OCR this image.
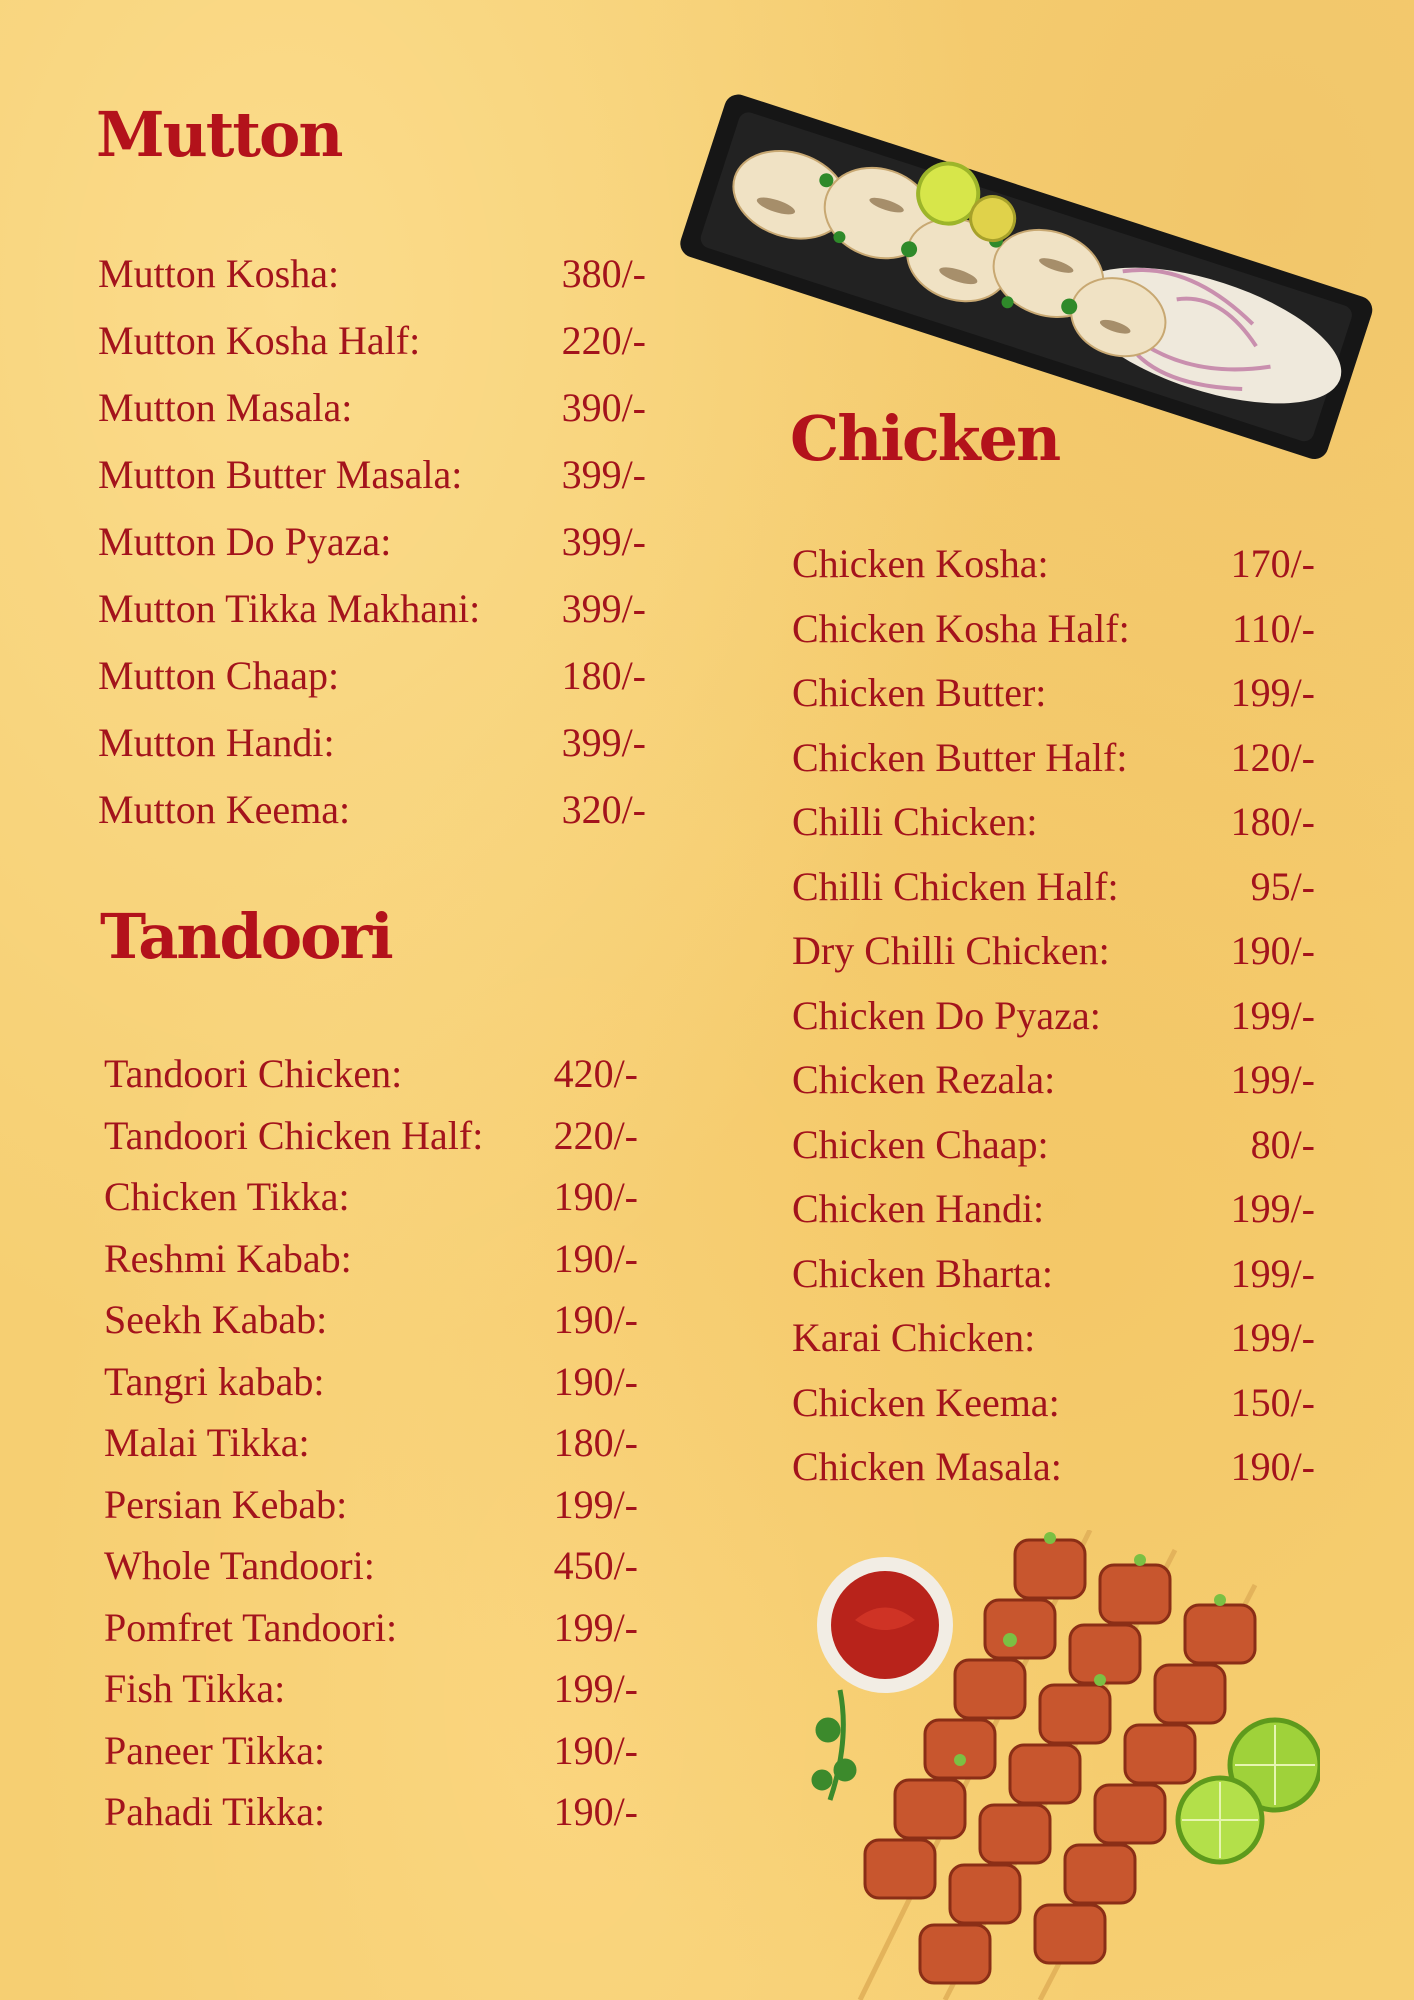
Mutton
Tandoori
Chicken
Mutton Kosha:	380/-
Mutton Kosha Half:	220/-
Mutton Masala:	390/-
Mutton Butter Masala: 399/-
Mutton Do Pyaza:	399/-
Mutton Tikka Makhani: 399/-
Mutton Chaap:	180/-
Mutton Handi:	399/-
Mutton Keema:	320/-
Tandoori Chicken:	420/-
Tandoori Chicken Half: 220/-
Chicken Tikka:	190/-
Reshmi Kabab:	190/-
Seekh Kabab:	190/-
Tangri kabab:	190/-
Malai Tikka:	180/-
Persian Kebab:	199/-
Whole Tandoori:	450/-
Pomfret Tandoori:	199/-
Fish Tikka:	199/-
Paneer Tikka:	190/-
Pahadi Tikka:	190/-
Chicken Kosha:	170/-
Chicken Kosha Half:	110/-
Chicken Butter:	199/-
Chicken Butter Half:	120/-
Chilli Chicken:	180/-
Chilli Chicken Half:	95/-
Dry Chilli Chicken:	190/-
Chicken Do Pyaza:	199/-
Chicken Rezala:	199/-
Chicken Chaap:	80/-
Chicken Handi:	199/-
Chicken Bharta:	199/-
Karai Chicken:	199/-
Chicken Keema:	150/-
Chicken Masala:	190/-
